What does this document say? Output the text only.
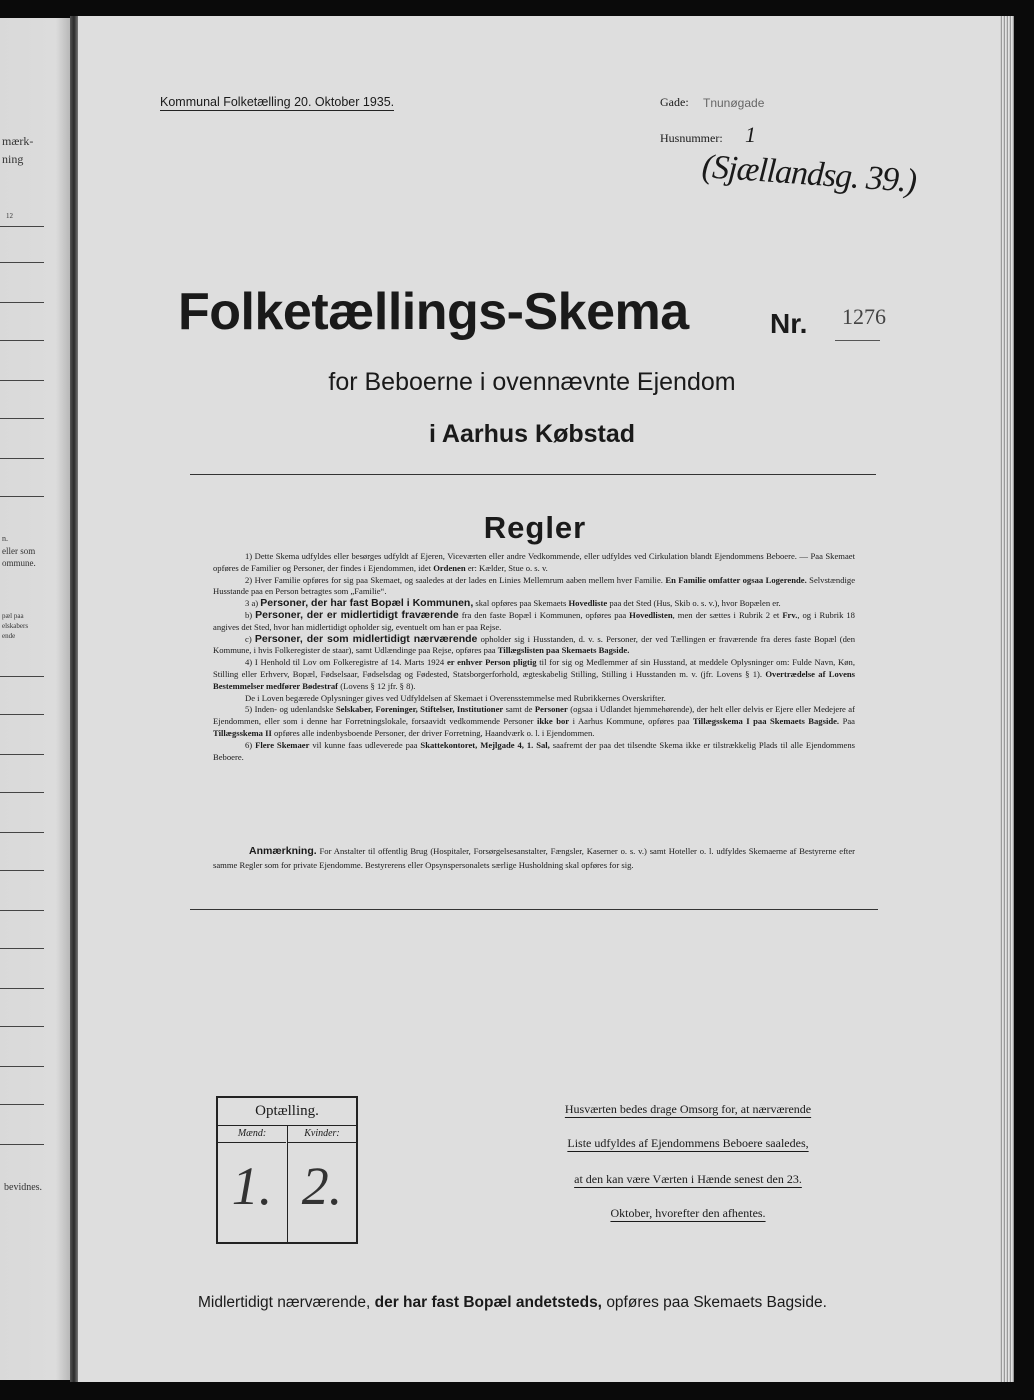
mærk-
ning
12
n.
eller som
ommune.
pæl paa
elskabers
ende
bevidnes.
Kommunal Folketælling 20. Oktober 1935.	Gade: Tnunøgade
Husnummer: 1
(Sjællandsg. 39.)
Folketællings-Skema	Nr. 1276
for Beboerne i ovennævnte Ejendom
i Aarhus Købstad
Regler

1) Dette Skema udfyldes eller besørges udfyldt af Ejeren, Viceværten eller andre Vedkommende, eller udfyldes ved Cirkulation blandt Ejendommens Beboere. — Paa Skemaet opføres de Familier og Personer, der findes i Ejendommen, idet Ordenen er: Kælder, Stue o. s. v.

2) Hver Familie opføres for sig paa Skemaet, og saaledes at der lades en Linies Mellemrum aaben mellem hver Familie. En Familie omfatter ogsaa Logerende. Selvstændige Husstande paa en Person betragtes som „Familie“.

3 a) Personer, der har fast Bopæl i Kommunen, skal opføres paa Skemaets Hovedliste paa det Sted (Hus, Skib o. s. v.), hvor Bopælen er.

b) Personer, der er midlertidigt fraværende fra den faste Bopæl i Kommunen, opføres paa Hovedlisten, men der sættes i Rubrik 2 et Frv., og i Rubrik 18 angives det Sted, hvor han midlertidigt opholder sig, eventuelt om han er paa Rejse.

c) Personer, der som midlertidigt nærværende opholder sig i Husstanden, d. v. s. Personer, der ved Tællingen er fraværende fra deres faste Bopæl (den Kommune, i hvis Folkeregister de staar), samt Udlændinge paa Rejse, opføres paa Tillægslisten paa Skemaets Bagside.

4) I Henhold til Lov om Folkeregistre af 14. Marts 1924 er enhver Person pligtig til for sig og Medlemmer af sin Husstand, at meddele Oplysninger om: Fulde Navn, Køn, Stilling eller Erhverv, Bopæl, Fødselsaar, Fødselsdag og Fødested, Statsborgerforhold, ægteskabelig Stilling, Stilling i Husstanden m. v. (jfr. Lovens § 1). Overtrædelse af Lovens Bestemmelser medfører Bødestraf (Lovens § 12 jfr. § 8).

De i Loven begærede Oplysninger gives ved Udfyldelsen af Skemaet i Overensstemmelse med Rubrikkernes Overskrifter.

5) Inden- og udenlandske Selskaber, Foreninger, Stiftelser, Institutioner samt de Personer (ogsaa i Udlandet hjemmehørende), der helt eller delvis er Ejere eller Medejere af Ejendommen, eller som i denne har Forretningslokale, forsaavidt vedkommende Personer ikke bor i Aarhus Kommune, opføres paa Tillægsskema I paa Skemaets Bagside. Paa Tillægsskema II opføres alle indenbysboende Personer, der driver Forretning, Haandværk o. l. i Ejendommen.

6) Flere Skemaer vil kunne faas udleverede paa Skattekontoret, Mejlgade 4, 1. Sal, saafremt der paa det tilsendte Skema ikke er tilstrækkelig Plads til alle Ejendommens Beboere.

Anmærkning. For Anstalter til offentlig Brug (Hospitaler, Forsørgelsesanstalter, Fængsler, Kaserner o. s. v.) samt Hoteller o. l. udfyldes Skemaerne af Bestyrerne efter samme Regler som for private Ejendomme. Bestyrerens eller Opsynspersonalets særlige Husholdning skal opføres for sig.

Optælling.
Mænd:
1.
Kvinder:
2.
Husværten bedes drage Omsorg for, at nærværende
Liste udfyldes af Ejendommens Beboere saaledes,
at den kan være Værten i Hænde senest den 23.
Oktober, hvorefter den afhentes.
Midlertidigt nærværende, der har fast Bopæl andetsteds, opføres paa Skemaets Bagside.
